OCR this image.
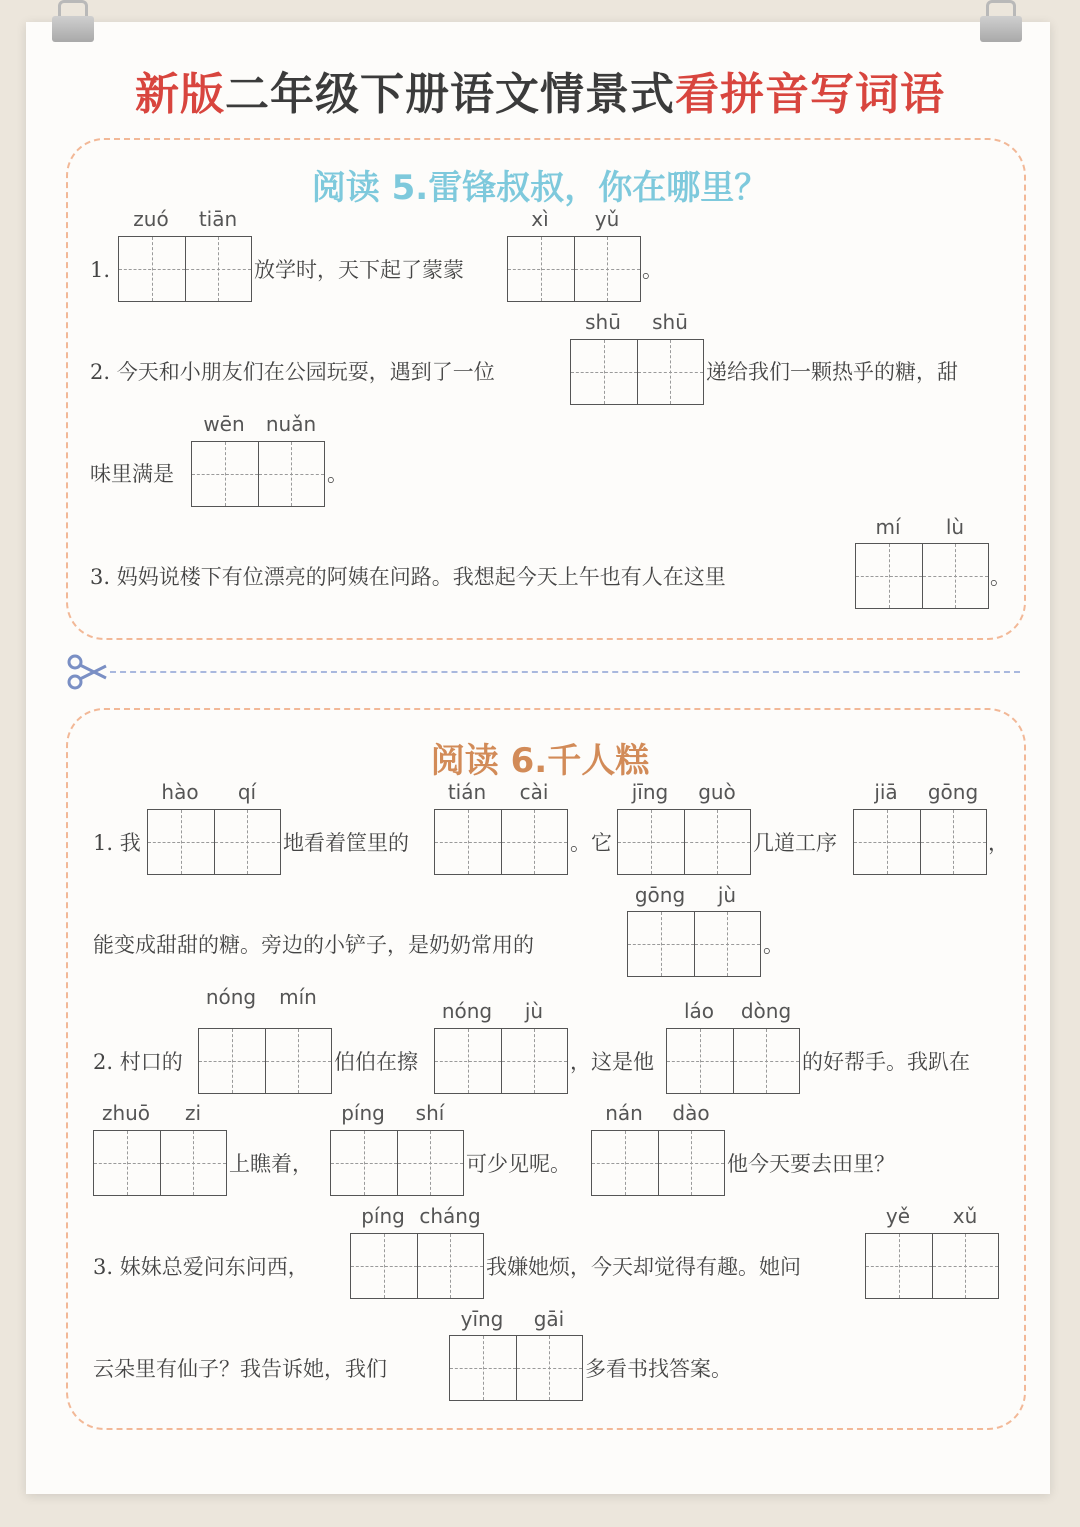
新版二年级下册语文情景式看拼音写词语
阅读 5.雷锋叔叔，你在哪里？
1.
zuó	tiān
放学时，天下起了蒙蒙
xì	yǔ
。
2. 今天和小朋友们在公园玩耍，遇到了一位
shū	shū
递给我们一颗热乎的糖，甜
味里满是
wēn	nuǎn
。
3. 妈妈说楼下有位漂亮的阿姨在问路。我想起今天上午也有人在这里
mí	lù
。
阅读 6.千人糕
1. 我
hào	qí
地看着筐里的
tián	cài
。它
jīng	guò
几道工序
jiā	gōng
，
能变成甜甜的糖。旁边的小铲子，是奶奶常用的
gōng	jù
。
2. 村口的
nóng	mín
伯伯在擦
nóng	jù
，这是他
láo	dòng
的好帮手。我趴在
zhuō	zi
上瞧着，
píng	shí
可少见呢。
nán	dào
他今天要去田里？
3. 妹妹总爱问东问西，
píng cháng
我嫌她烦，今天却觉得有趣。她问
yě	xǔ
云朵里有仙子？我告诉她，我们
yīng	gāi
多看书找答案。
